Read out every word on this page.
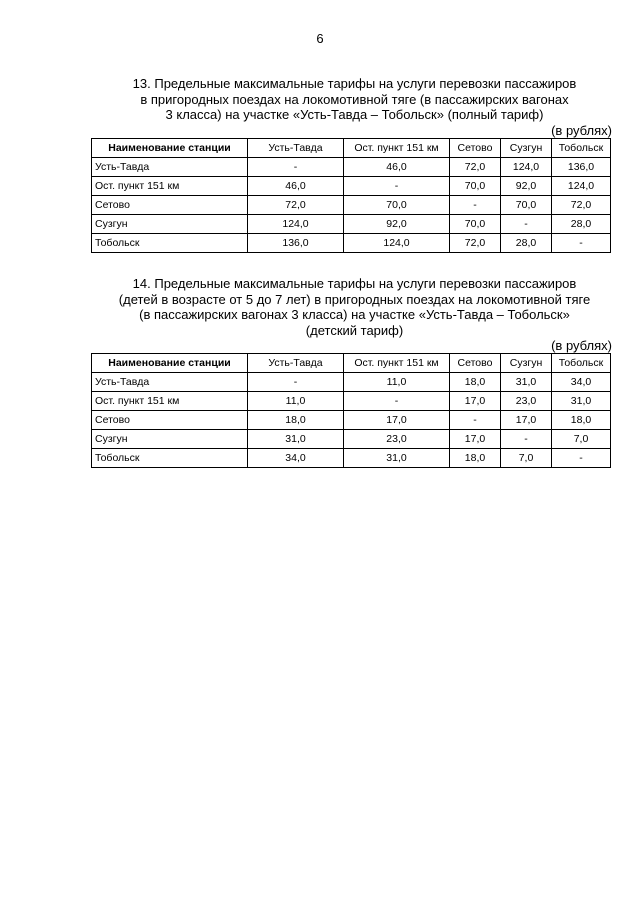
6
13. Предельные максимальные тарифы на услуги перевозки пассажиров
в пригородных поездах на локомотивной тяге (в пассажирских вагонах
3 класса) на участке «Усть-Тавда – Тобольск» (полный тариф)
(в рублях)
Наименование станции	Усть-Тавда	Ост. пункт 151 км	Сетово	Сузгун	Тобольск
Усть-Тавда	-	46,0	72,0	124,0	136,0
Ост. пункт 151 км	46,0	-	70,0	92,0	124,0
Сетово	72,0	70,0	-	70,0	72,0
Сузгун	124,0	92,0	70,0	-	28,0
Тобольск	136,0	124,0	72,0	28,0	-
14. Предельные максимальные тарифы на услуги перевозки пассажиров
(детей в возрасте от 5 до 7 лет) в пригородных поездах на локомотивной тяге
(в пассажирских вагонах 3 класса) на участке «Усть-Тавда – Тобольск»
(детский тариф)
(в рублях)
Наименование станции	Усть-Тавда	Ост. пункт 151 км	Сетово	Сузгун	Тобольск
Усть-Тавда	-	11,0	18,0	31,0	34,0
Ост. пункт 151 км	11,0	-	17,0	23,0	31,0
Сетово	18,0	17,0	-	17,0	18,0
Сузгун	31,0	23,0	17,0	-	7,0
Тобольск	34,0	31,0	18,0	7,0	-
